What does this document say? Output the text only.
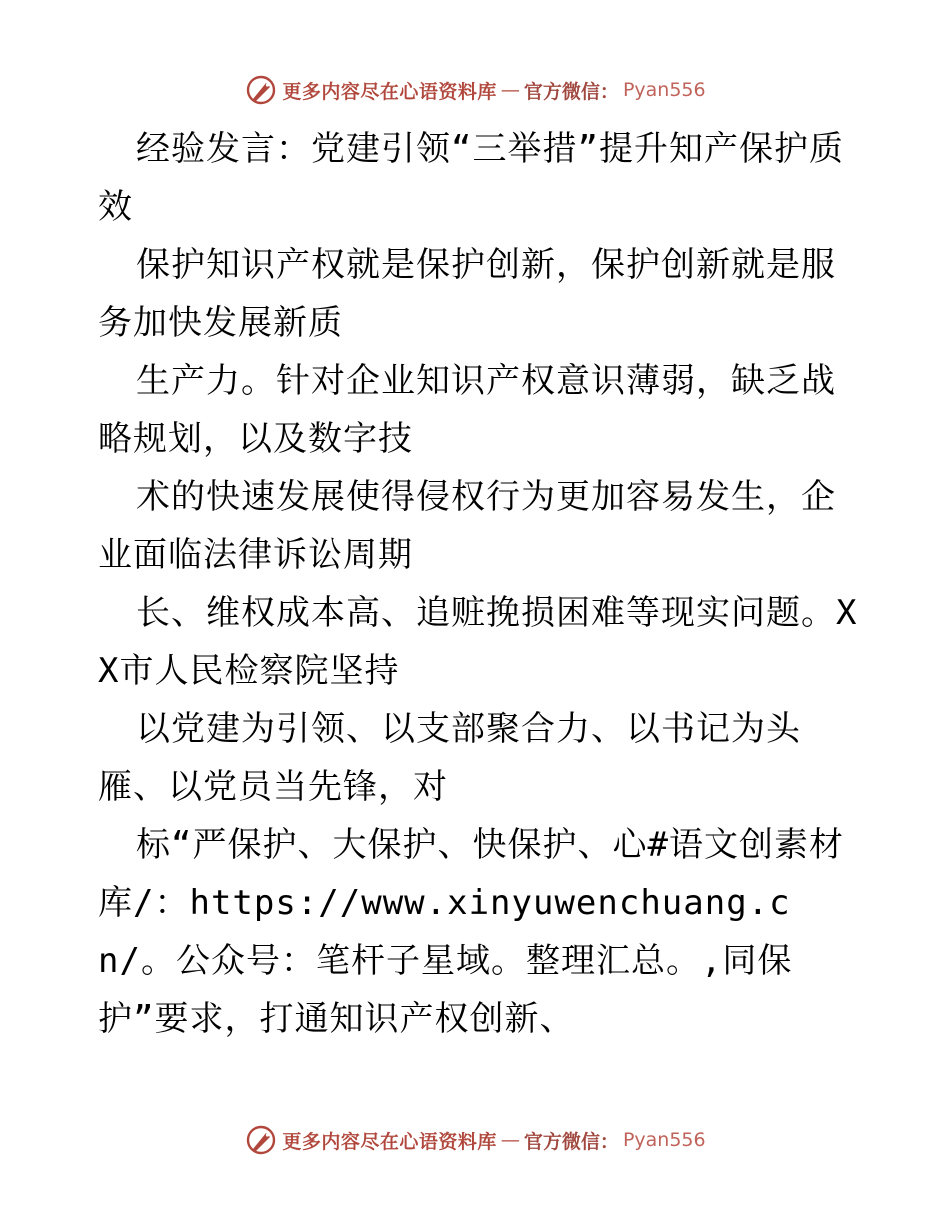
更多内容尽在心语资料库 — 官方微信： Pyan556

经验发言：党建引领“三举措”提升知产保护质效

保护知识产权就是保护创新，保护创新就是服务加快发展新质

生产力。针对企业知识产权意识薄弱，缺乏战略规划，以及数字技

术的快速发展使得侵权行为更加容易发生，企业面临法律诉讼周期

长、维权成本高、追赃挽损困难等现实问题。XX市人民检察院坚持

以党建为引领、以支部聚合力、以书记为头雁、以党员当先锋，对

标“严保护、大保护、快保护、心#语文创素材库/：https://www.xinyuwenchuang.cn/。公众号：笔杆子星域。整理汇总。,同保护”要求，打通知识产权创新、

更多内容尽在心语资料库 — 官方微信： Pyan556
